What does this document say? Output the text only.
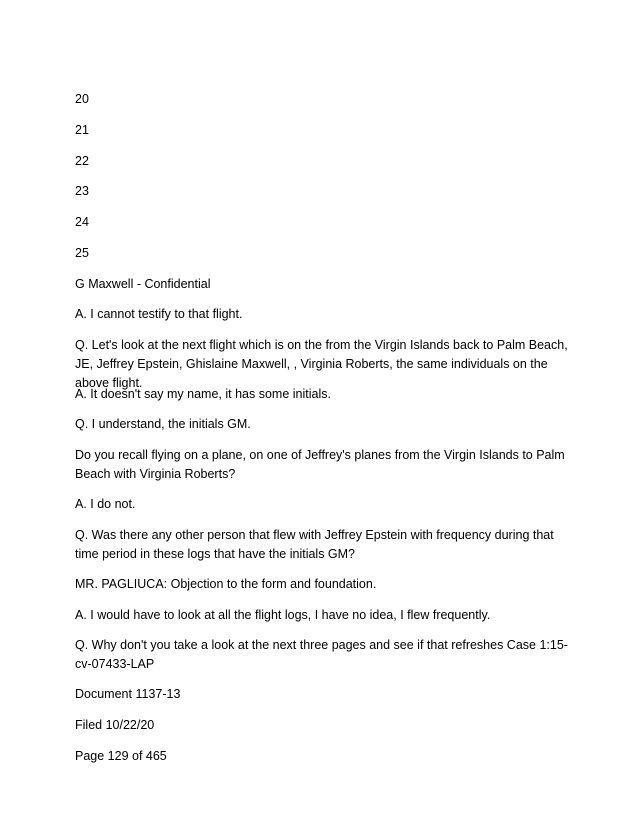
20
21
22
23
24
25
G Maxwell - Confidential
A. I cannot testify to that flight.
Q. Let's look at the next flight which is on the from the Virgin Islands back to Palm Beach, JE, Jeffrey Epstein, Ghislaine Maxwell, , Virginia Roberts, the same individuals on the above flight.
A. It doesn't say my name, it has some initials.
Q. I understand, the initials GM.
Do you recall flying on a plane, on one of Jeffrey's planes from the Virgin Islands to Palm Beach with Virginia Roberts?
A. I do not.
Q. Was there any other person that flew with Jeffrey Epstein with frequency during that time period in these logs that have the initials GM?
MR. PAGLIUCA: Objection to the form and foundation.
A. I would have to look at all the flight logs, I have no idea, I flew frequently.
Q. Why don't you take a look at the next three pages and see if that refreshes Case 1:15-cv-07433-LAP
Document 1137-13
Filed 10/22/20
Page 129 of 465
